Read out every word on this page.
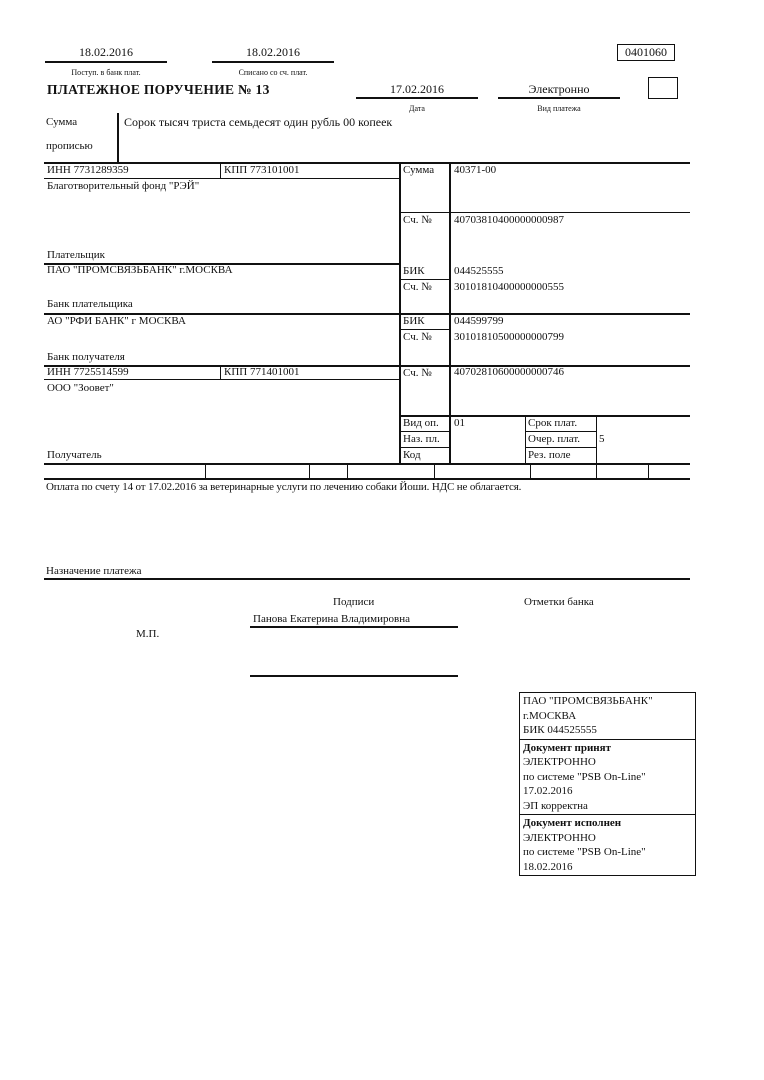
18.02.2016
Поступ. в банк плат.
18.02.2016
Списано со сч. плат.
0401060
ПЛАТЕЖНОЕ ПОРУЧЕНИЕ № 13	17.02.2016
Дата
Электронно
Вид платежа
Сумма
прописью
Сорок тысяч триста семьдесят один рубль 00 копеек
ИНН 7731289359	КПП 773101001
Благотворительный фонд "РЭЙ"
Плательщик
Сумма 40371-00
Сч. № 40703810400000000987
ПАО "ПРОМСВЯЗЬБАНК" г.МОСКВА
Банк плательщика
БИК	044525555
Сч. № 30101810400000000555
АО "РФИ БАНК" г МОСКВА
Банк получателя
БИК	044599799
Сч. № 30101810500000000799
ИНН 7725514599	КПП 771401001
ООО "Зоовет"
Получатель
Сч. № 40702810600000000746
Вид оп. 01
Наз. пл.
Код
Срок плат.
Очер. плат. 5
Рез. поле
Оплата по счету 14 от 17.02.2016 за ветеринарные услуги по лечению собаки Йоши. НДС не облагается.
Назначение платежа
Подписи	Отметки банка
Панова Екатерина Владимировна
М.П.
ПАО "ПРОМСВЯЗЬБАНК"
г.МОСКВА
БИК 044525555
Документ принят
ЭЛЕКТРОННО
по системе "PSB On-Line"
17.02.2016
ЭП корректна
Документ исполнен
ЭЛЕКТРОННО
по системе "PSB On-Line"
18.02.2016
